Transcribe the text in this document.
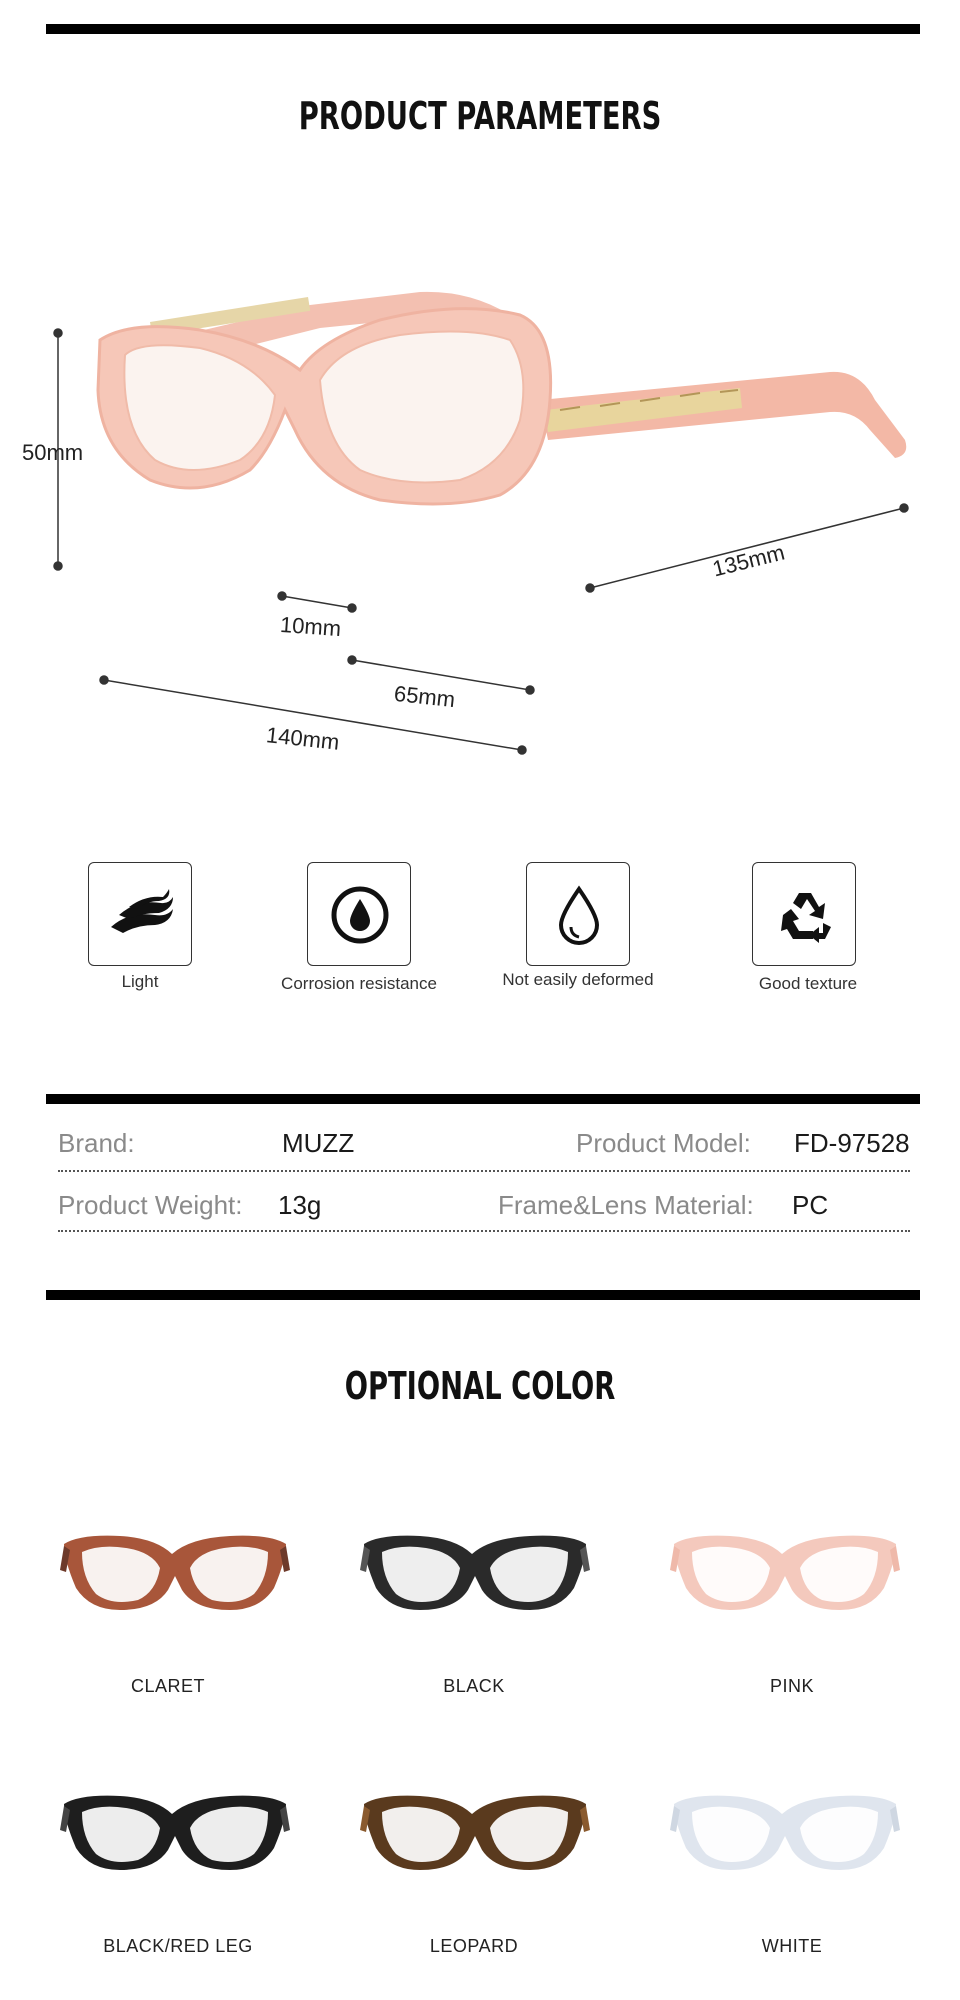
PRODUCT PARAMETERS
50mm
10mm
65mm
140mm
135mm
Light	Corrosion resistance	Not easily deformed	Good texture
Brand:	MUZZ	Product Model: FD-97528
Product Weight: 13g	Frame&Lens Material: PC
OPTIONAL COLOR
CLARET	BLACK	PINK
BLACK/RED LEG	LEOPARD	WHITE
